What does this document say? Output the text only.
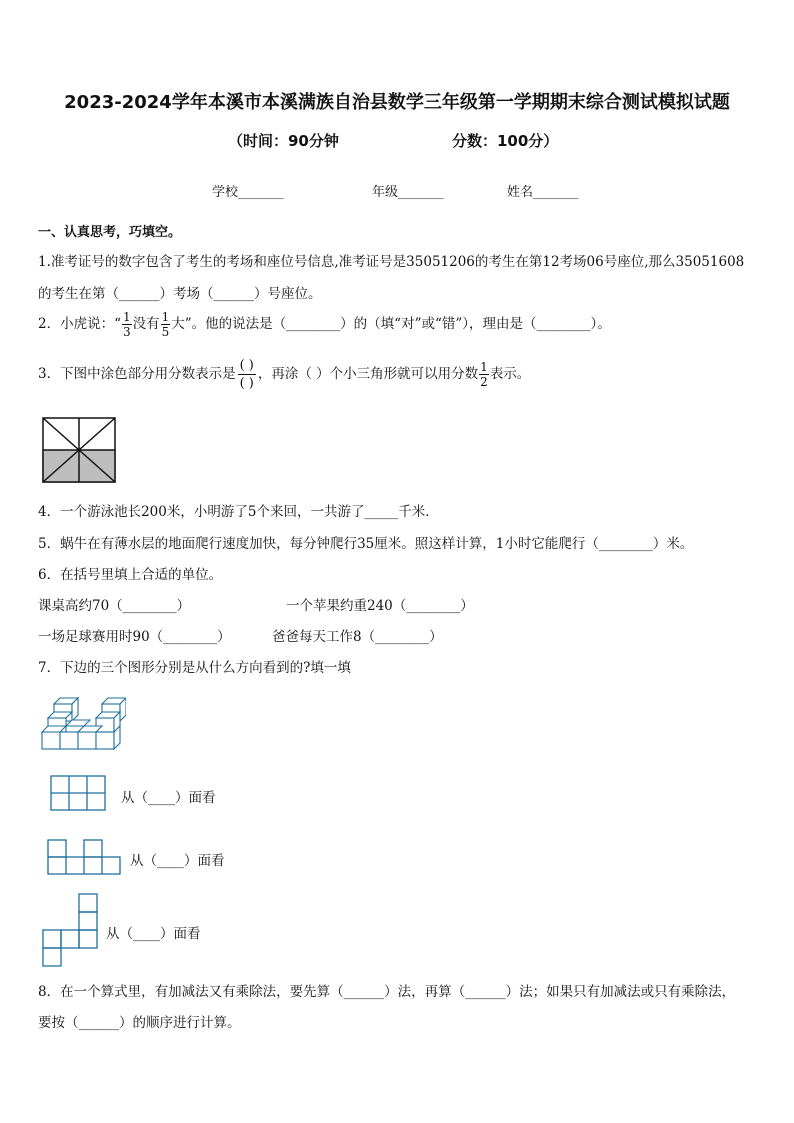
2023-2024学年本溪市本溪满族自治县数学三年级第一学期期末综合测试模拟试题
（时间：90分钟	分数：100分）
学校_______	年级_______	姓名_______
一、认真思考，巧填空。
1.准考证号的数字包含了考生的考场和座位号信息,准考证号是35051206的考生在第12考场06号座位,那么35051608
的考生在第（______）考场（______）号座位。
2．小虎说：“ $\frac{1}{3}$ 没有 $\frac{1}{5}$ 大”。他的说法是（________）的（填“对”或“错”），理由是（________）。
3．下图中涂色部分用分数表示是
( )
( )
，再涂（ ）个小三角形就可以用分数 $\frac{1}{2}$ 表示。
4．一个游泳池长200米，小明游了5个来回，一共游了_____千米．
5．蜗牛在有薄水层的地面爬行速度加快，每分钟爬行35厘米。照这样计算，1小时它能爬行（________）米。
6．在括号里填上合适的单位。
课桌高约70（________）	一个苹果约重240（________）
一场足球赛用时90（________）	爸爸每天工作8（________）
7．下边的三个图形分别是从什么方向看到的?填一填
从（____）面看
从（____）面看
从（____）面看
8．在一个算式里，有加减法又有乘除法，要先算（______）法，再算（______）法；如果只有加减法或只有乘除法，
要按（______）的顺序进行计算。
